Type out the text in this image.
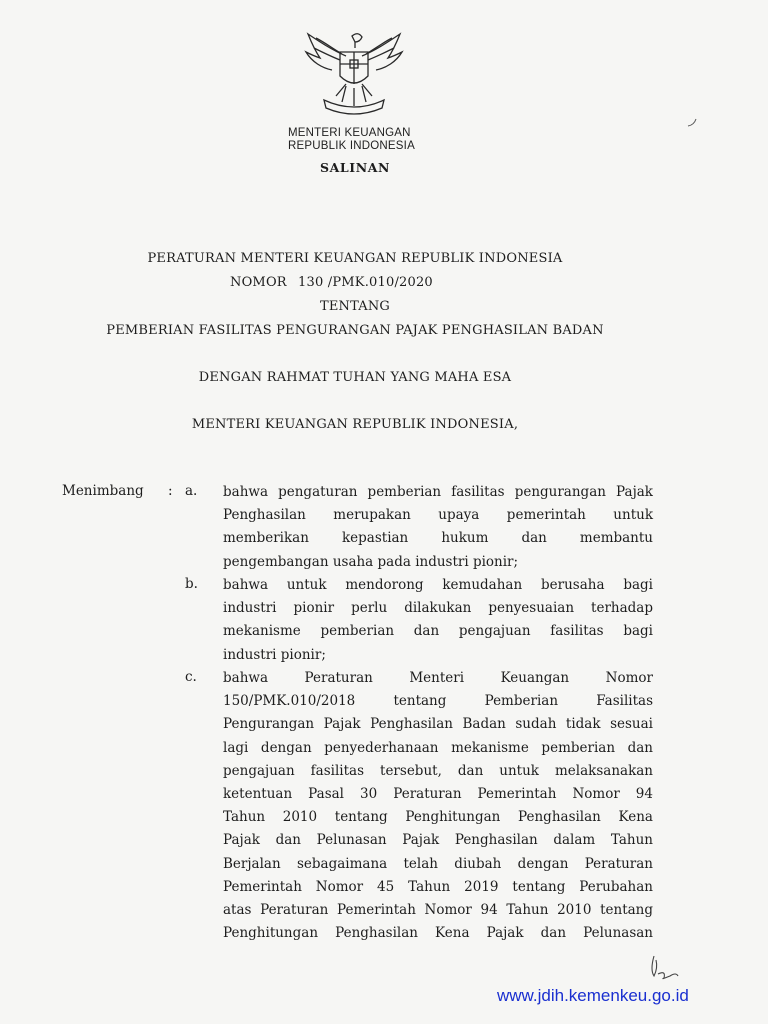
MENTERI KEUANGAN
REPUBLIK INDONESIA
SALINAN
PERATURAN MENTERI KEUANGAN REPUBLIK INDONESIA
NOMOR 130 /PMK.010/2020
TENTANG
PEMBERIAN FASILITAS PENGURANGAN PAJAK PENGHASILAN BADAN
DENGAN RAHMAT TUHAN YANG MAHA ESA
MENTERI KEUANGAN REPUBLIK INDONESIA,
Menimbang : a. bahwa pengaturan pemberian fasilitas pengurangan Pajak
Penghasilan merupakan upaya pemerintah untuk
memberikan kepastian hukum dan membantu
pengembangan usaha pada industri pionir;
b. bahwa untuk mendorong kemudahan berusaha bagi
industri pionir perlu dilakukan penyesuaian terhadap
mekanisme pemberian dan pengajuan fasilitas bagi
industri pionir;
c. bahwa Peraturan Menteri Keuangan Nomor
150/PMK.010/2018 tentang Pemberian Fasilitas
Pengurangan Pajak Penghasilan Badan sudah tidak sesuai
lagi dengan penyederhanaan mekanisme pemberian dan
pengajuan fasilitas tersebut, dan untuk melaksanakan
ketentuan Pasal 30 Peraturan Pemerintah Nomor 94
Tahun 2010 tentang Penghitungan Penghasilan Kena
Pajak dan Pelunasan Pajak Penghasilan dalam Tahun
Berjalan sebagaimana telah diubah dengan Peraturan
Pemerintah Nomor 45 Tahun 2019 tentang Perubahan
atas Peraturan Pemerintah Nomor 94 Tahun 2010 tentang
Penghitungan Penghasilan Kena Pajak dan Pelunasan
www.jdih.kemenkeu.go.id
